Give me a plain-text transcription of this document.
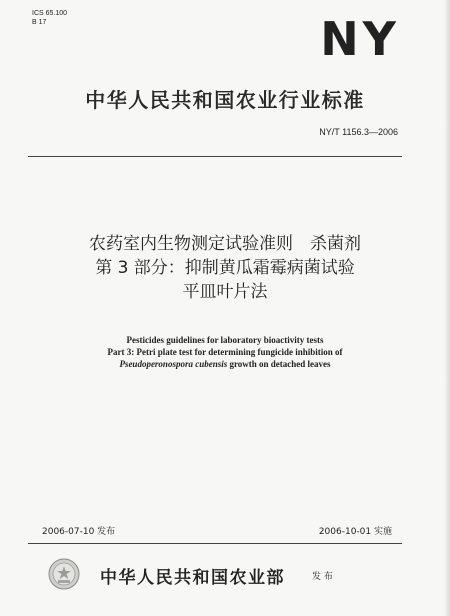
ICS 65.100
B 17	NY
中华人民共和国农业行业标准
NY/T 1156.3—2006
农药室内生物测定试验准则　杀菌剂
第 3 部分：抑制黄瓜霜霉病菌试验
平皿叶片法
Pesticides guidelines for laboratory bioactivity tests
Part 3: Petri plate test for determining fungicide inhibition of
Pseudoperonospora cubensis growth on detached leaves
2006-07-10 发布	2006-10-01 实施
中华人民共和国农业部	发 布
